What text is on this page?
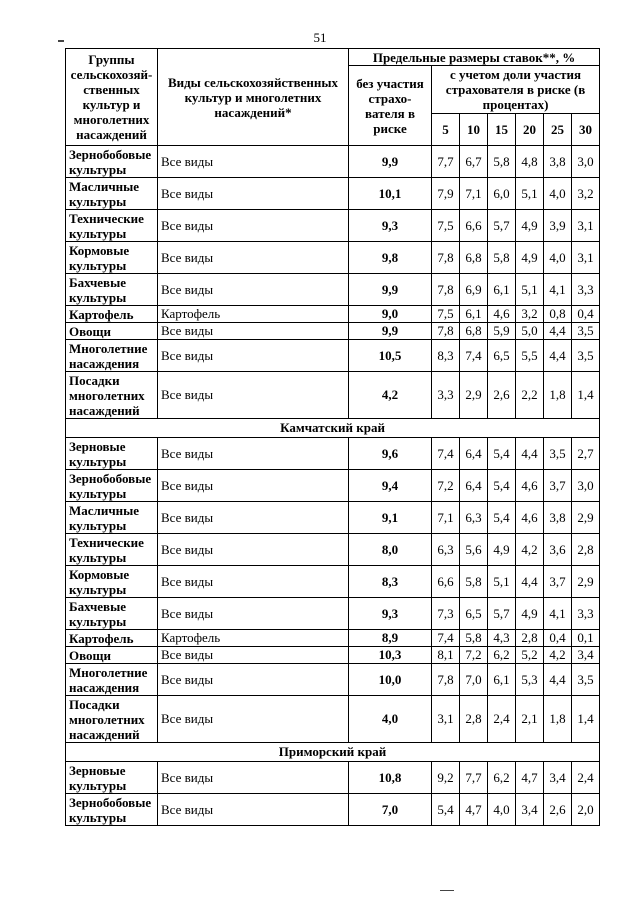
51
Группы сельскохозяй-ственных культур и многолетних насаждений	Виды сельскохозяйственных культур и многолетних насаждений*	Предельные размеры ставок**, %						
		без участия страхо-вателя в риске	с учетом доли участия страхователя в риске (в процентах)					
			5	10	15	20	25	30
Зернобобовые культуры	Все виды	9,9	7,7	6,7	5,8	4,8	3,8	3,0
Масличные культуры	Все виды	10,1	7,9	7,1	6,0	5,1	4,0	3,2
Технические культуры	Все виды	9,3	7,5	6,6	5,7	4,9	3,9	3,1
Кормовые культуры	Все виды	9,8	7,8	6,8	5,8	4,9	4,0	3,1
Бахчевые культуры	Все виды	9,9	7,8	6,9	6,1	5,1	4,1	3,3
Картофель	Картофель	9,0	7,5	6,1	4,6	3,2	0,8	0,4
Овощи	Все виды	9,9	7,8	6,8	5,9	5,0	4,4	3,5
Многолетние насаждения	Все виды	10,5	8,3	7,4	6,5	5,5	4,4	3,5
Посадки многолетних насаждений	Все виды	4,2	3,3	2,9	2,6	2,2	1,8	1,4
Камчатский край								
Зерновые культуры	Все виды	9,6	7,4	6,4	5,4	4,4	3,5	2,7
Зернобобовые культуры	Все виды	9,4	7,2	6,4	5,4	4,6	3,7	3,0
Масличные культуры	Все виды	9,1	7,1	6,3	5,4	4,6	3,8	2,9
Технические культуры	Все виды	8,0	6,3	5,6	4,9	4,2	3,6	2,8
Кормовые культуры	Все виды	8,3	6,6	5,8	5,1	4,4	3,7	2,9
Бахчевые культуры	Все виды	9,3	7,3	6,5	5,7	4,9	4,1	3,3
Картофель	Картофель	8,9	7,4	5,8	4,3	2,8	0,4	0,1
Овощи	Все виды	10,3	8,1	7,2	6,2	5,2	4,2	3,4
Многолетние насаждения	Все виды	10,0	7,8	7,0	6,1	5,3	4,4	3,5
Посадки многолетних насаждений	Все виды	4,0	3,1	2,8	2,4	2,1	1,8	1,4
Приморский край								
Зерновые культуры	Все виды	10,8	9,2	7,7	6,2	4,7	3,4	2,4
Зернобобовые культуры	Все виды	7,0	5,4	4,7	4,0	3,4	2,6	2,0
